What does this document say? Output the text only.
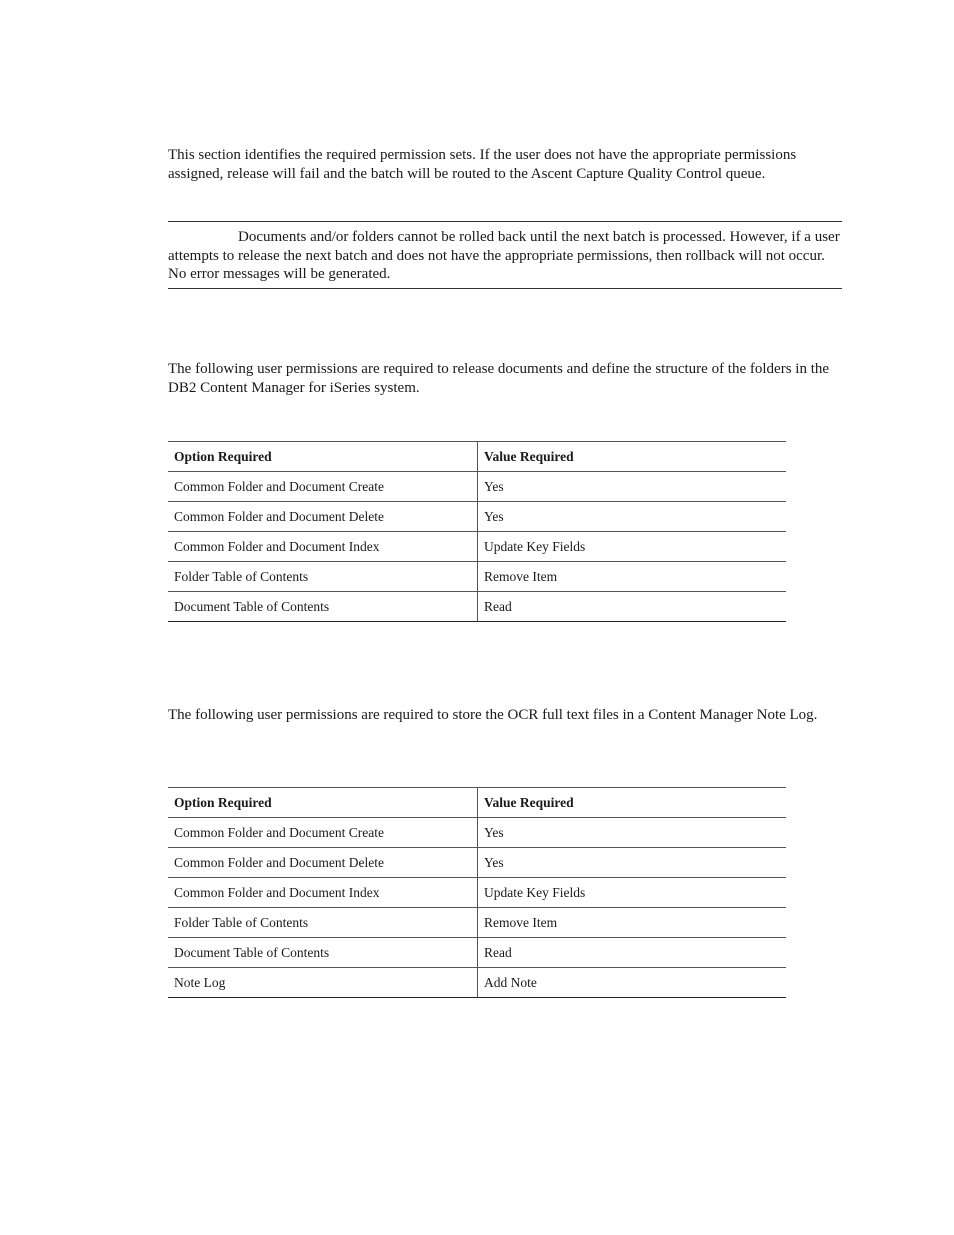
This section identifies the required permission sets. If the user does not have the appropriate permissions assigned, release will fail and the batch will be routed to the Ascent Capture Quality Control queue.

Documents and/or folders cannot be rolled back until the next batch is processed. However, if a user attempts to release the next batch and does not have the appropriate permissions, then rollback will not occur. No error messages will be generated.

The following user permissions are required to release documents and define the structure of the folders in the DB2 Content Manager for iSeries system.

Option Required	Value Required
Common Folder and Document Create	Yes
Common Folder and Document Delete	Yes
Common Folder and Document Index	Update Key Fields
Folder Table of Contents	Remove Item
Document Table of Contents	Read

The following user permissions are required to store the OCR full text files in a Content Manager Note Log.

Option Required	Value Required
Common Folder and Document Create	Yes
Common Folder and Document Delete	Yes
Common Folder and Document Index	Update Key Fields
Folder Table of Contents	Remove Item
Document Table of Contents	Read
Note Log	Add Note
